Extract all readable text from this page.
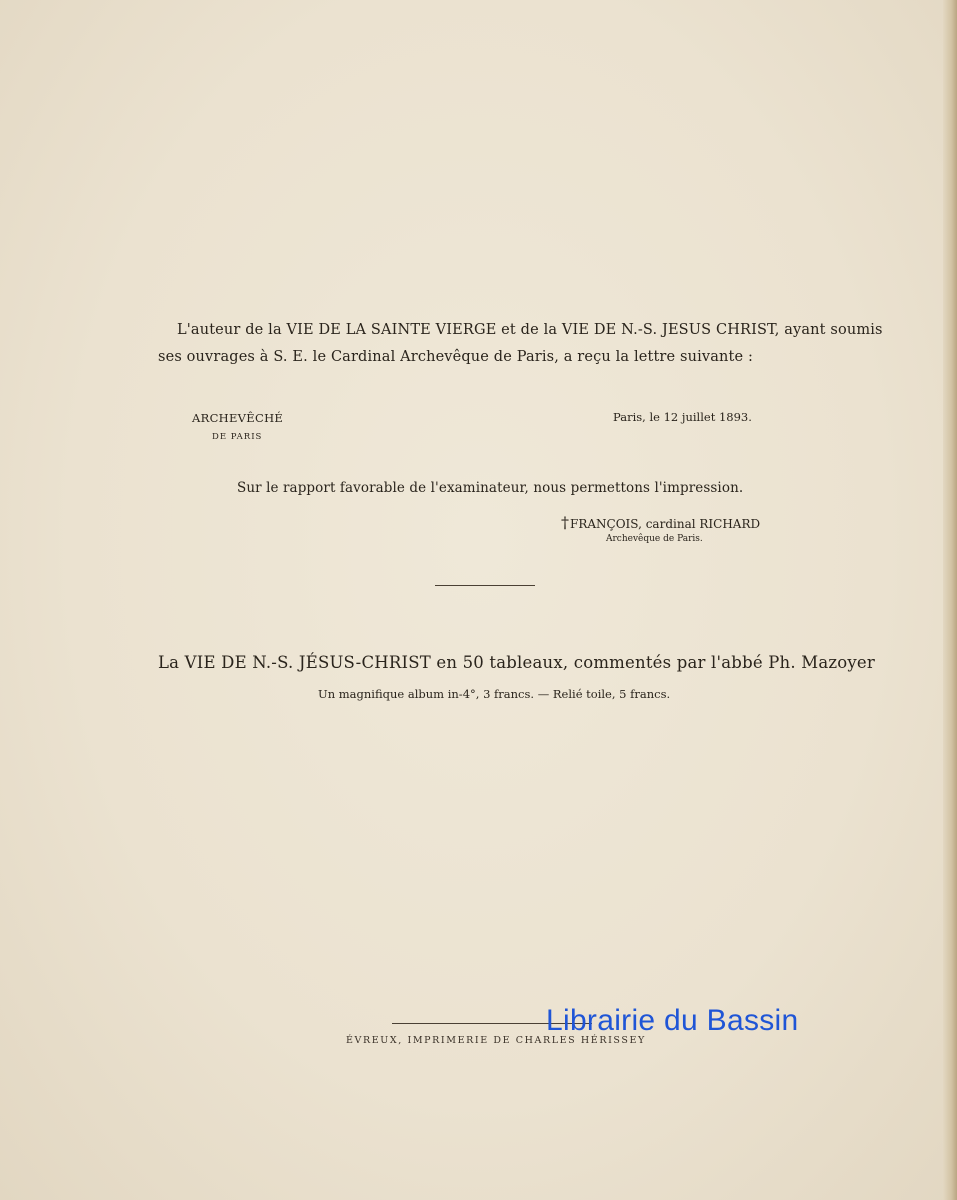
L'auteur de la VIE DE LA SAINTE VIERGE et de la VIE DE N.-S. JESUS CHRIST, ayant soumis
ses ouvrages à S. E. le Cardinal Archevêque de Paris, a reçu la lettre suivante :
ARCHEVÊCHÉ
DE PARIS
Paris, le 12 juillet 1893.
Sur le rapport favorable de l'examinateur, nous permettons l'impression.
†FRANÇOIS, cardinal RICHARD
Archevêque de Paris.
La VIE DE N.-S. JÉSUS-CHRIST en 50 tableaux, commentés par l'abbé Ph. Mazoyer
Un magnifique album in-4°, 3 francs. — Relié toile, 5 francs.
ÉVREUX, IMPRIMERIE DE CHARLES HÉRISSEY
Librairie du Bassin
